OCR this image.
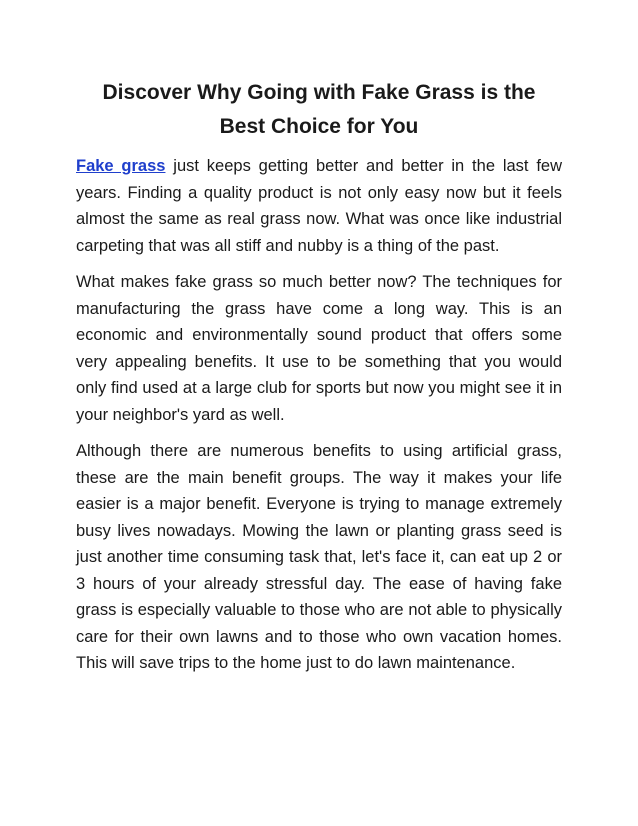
Discover Why Going with Fake Grass is the
Best Choice for You

Fake grass just keeps getting better and better in the last few years. Finding a quality product is not only easy now but it feels almost the same as real grass now. What was once like industrial carpeting that was all stiff and nubby is a thing of the past.

What makes fake grass so much better now? The techniques for manufacturing the grass have come a long way. This is an economic and environmentally sound product that offers some very appealing benefits. It use to be something that you would only find used at a large club for sports but now you might see it in your neighbor's yard as well.

Although there are numerous benefits to using artificial grass, these are the main benefit groups. The way it makes your life easier is a major benefit. Everyone is trying to manage extremely busy lives nowadays. Mowing the lawn or planting grass seed is just another time consuming task that, let's face it, can eat up 2 or 3 hours of your already stressful day. The ease of having fake grass is especially valuable to those who are not able to physically care for their own lawns and to those who own vacation homes. This will save trips to the home just to do lawn maintenance.
